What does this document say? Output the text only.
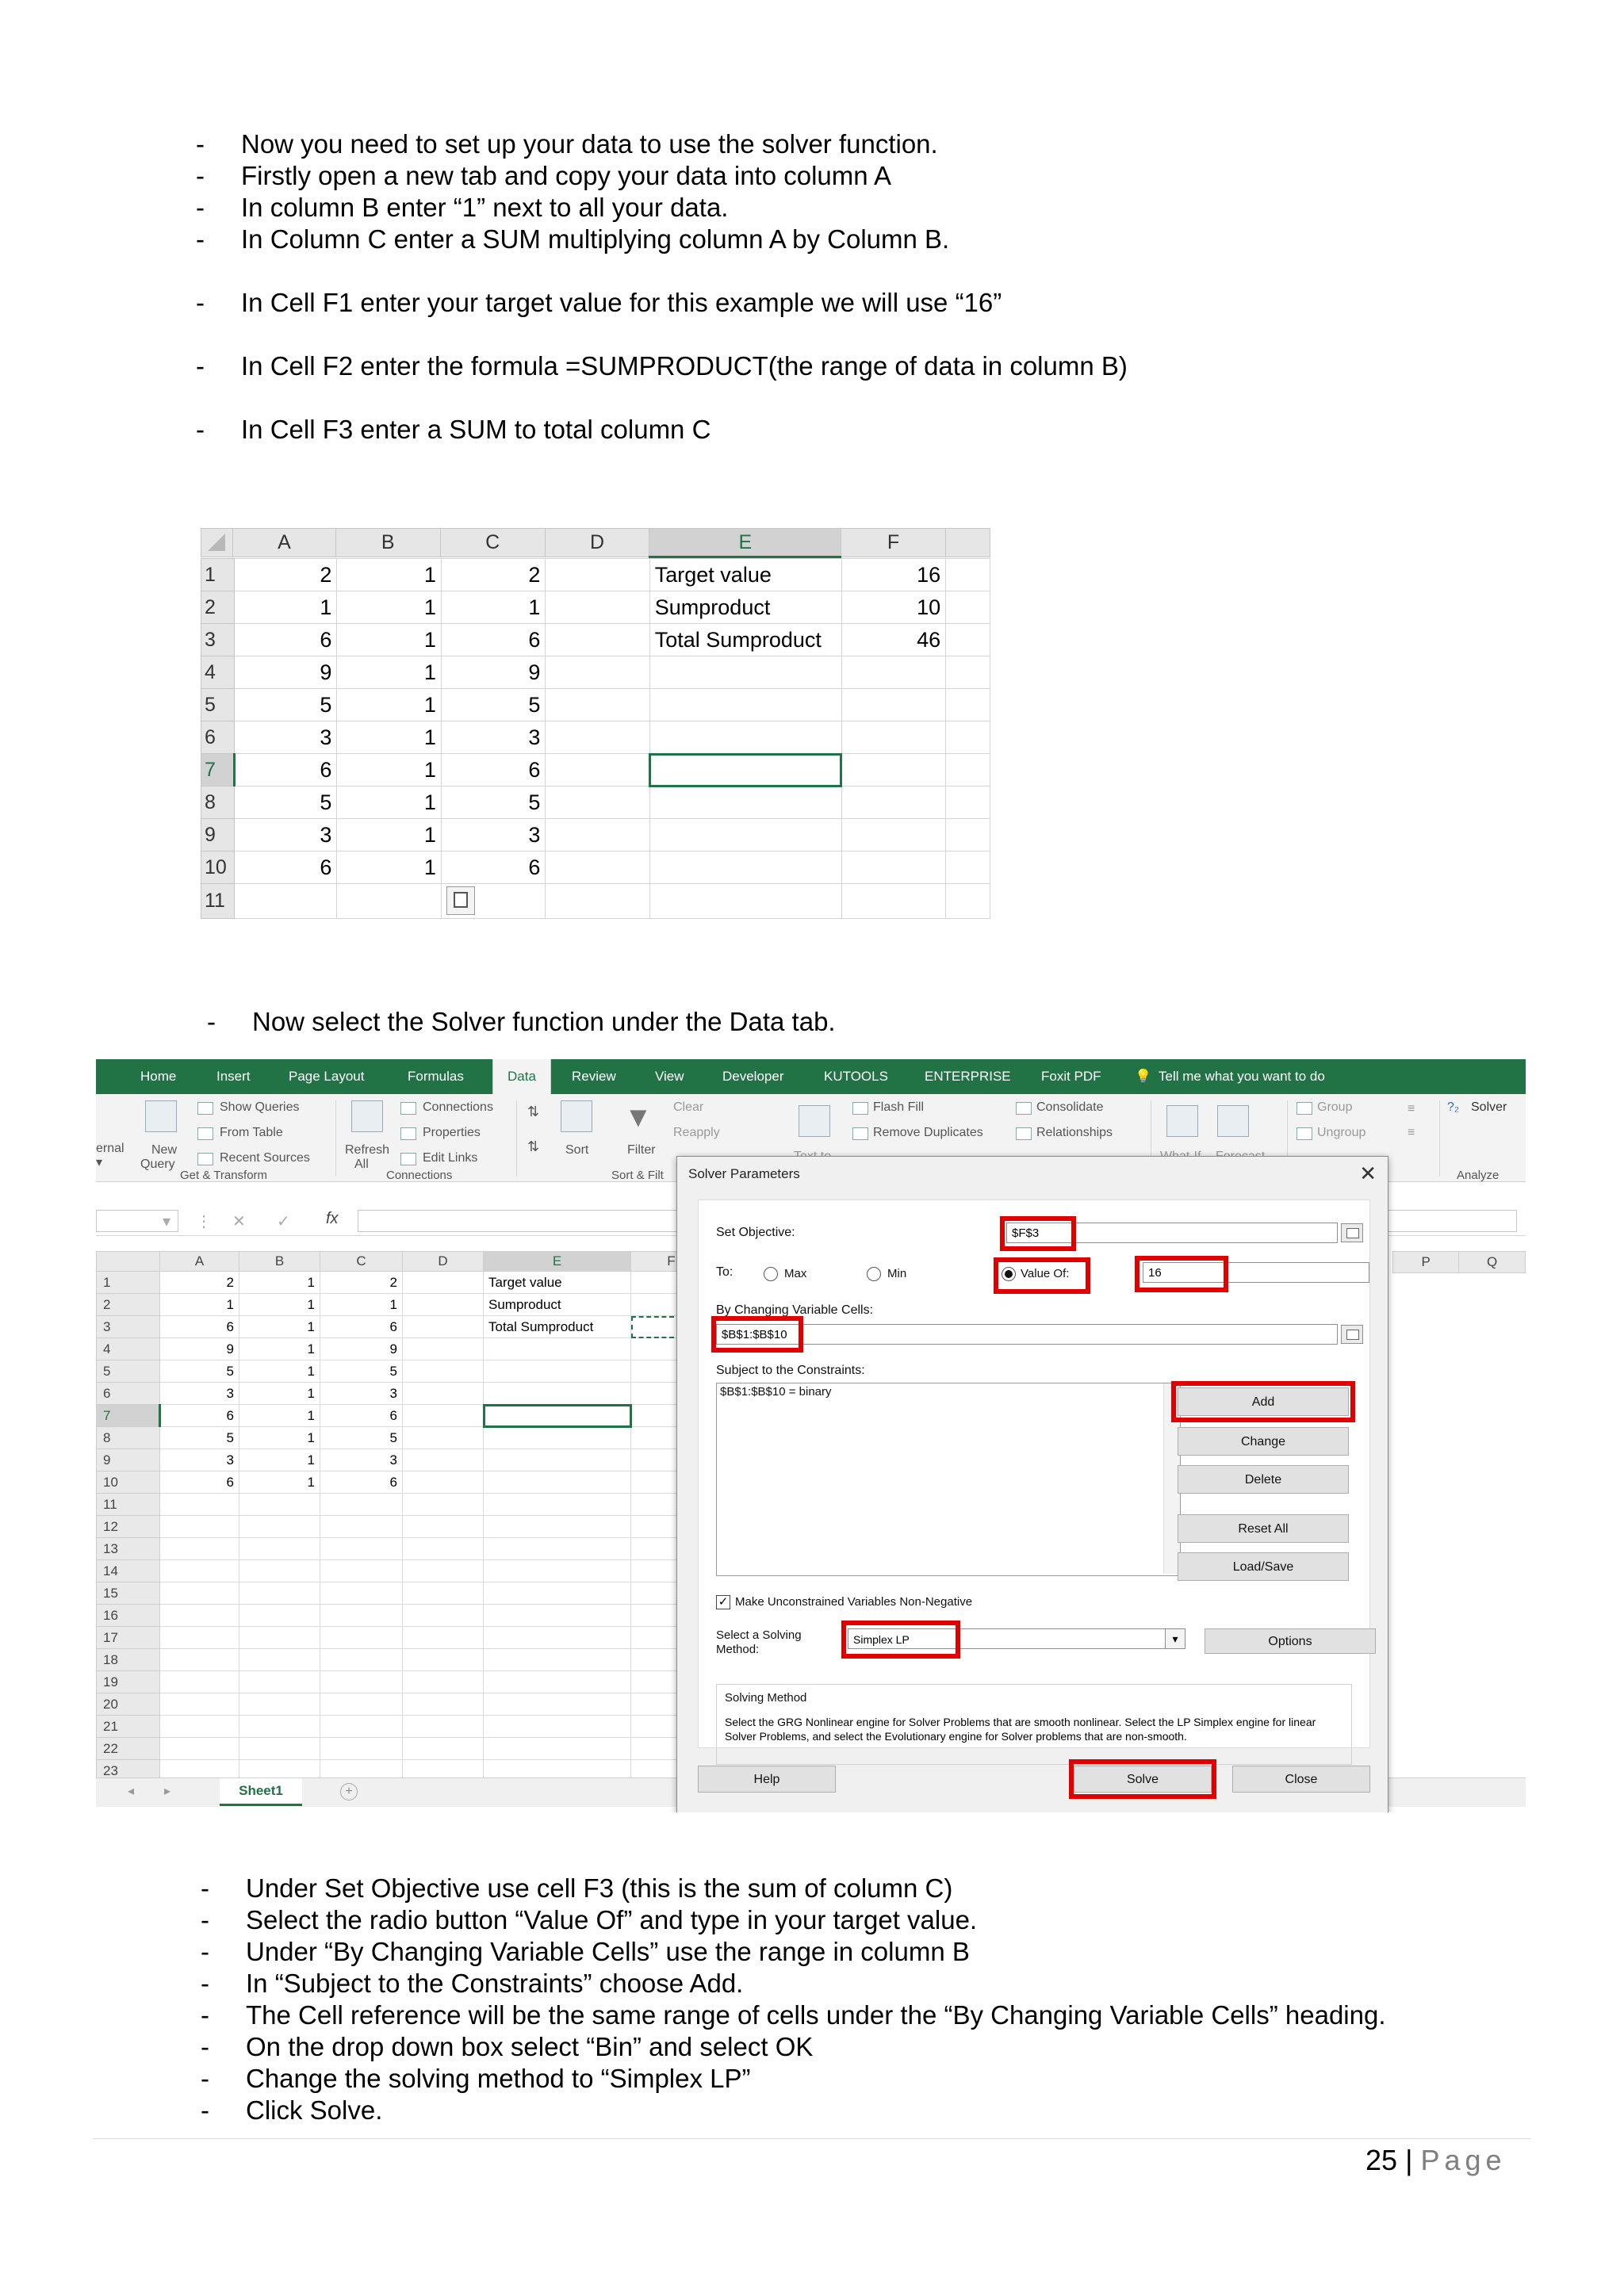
- Now you need to set up your data to use the solver function.
- Firstly open a new tab and copy your data into column A
- In column B enter “1” next to all your data.
- In Column C enter a SUM multiplying column A by Column B.
- In Cell F1 enter your target value for this example we will use “16”
- In Cell F2 enter the formula =SUMPRODUCT(the range of data in column B)
- In Cell F3 enter a SUM to total column C
	A	B	C	D	E	F	
1	2	1	2		Target value	16	
2	1	1	1		Sumproduct	10	
3	6	1	6		Total Sumproduct	46	
4	9	1	9				
5	5	1	5				
6	3	1	3				
7	6	1	6				
8	5	1	5				
9	3	1	3				
10	6	1	6				
11							
- Now select the Solver function under the Data tab.
Home	Insert	Page Layout	Formulas	Data	Review	View	Developer	KUTOOLS	ENTERPRISE Foxit PDF 💡 Tell me what you want to do
ernal
▾
New
Query
Show Queries
From Table
Recent Sources
Get & Transform
Refresh
All
Connections
Properties
Edit Links
Connections
⇅
⇅ Sort
▼
Filter
Clear
Reapply
Sort & Filt
Flash Fill
Remove Duplicates
Consolidate
Relationships
Group
Ungroup
≡
≡
?₂ Solver
Analyze
▾ ⋮ ✕ ✓ fx
	A	B	C	D	E	F
1	2	1	2		Target value	
2	1	1	1		Sumproduct	
3	6	1	6		Total Sumproduct	
4	9	1	9			
5	5	1	5			
6	3	1	3			
7	6	1	6			
8	5	1	5			
9	3	1	3			
10	6	1	6			
11						
12						
13						
14						
15						
16						
17						
18						
19						
20						
21						
22						
23						
P	Q
◂ ▸	Sheet1	+
Solver Parameters	✕
Set Objective:	$F$3
To:	Max	Min	Value Of:	16
By Changing Variable Cells:
$B$1:$B$10
Subject to the Constraints:
$B$1:$B$10 = binary
Add
Change
Delete
Reset All
Load/Save
✓ Make Unconstrained Variables Non-Negative
Select a Solving
Method:
Simplex LP	▾	Options
Solving Method
Select the GRG Nonlinear engine for Solver Problems that are smooth nonlinear. Select the LP Simplex engine for linear Solver Problems, and select the Evolutionary engine for Solver problems that are non-smooth.
Help	Solve	Close
- Under Set Objective use cell F3 (this is the sum of column C)
- Select the radio button “Value Of” and type in your target value.
- Under “By Changing Variable Cells” use the range in column B
- In “Subject to the Constraints” choose Add.
- The Cell reference will be the same range of cells under the “By Changing Variable Cells” heading.
- On the drop down box select “Bin” and select OK
- Change the solving method to “Simplex LP”
- Click Solve.
25 | Page
